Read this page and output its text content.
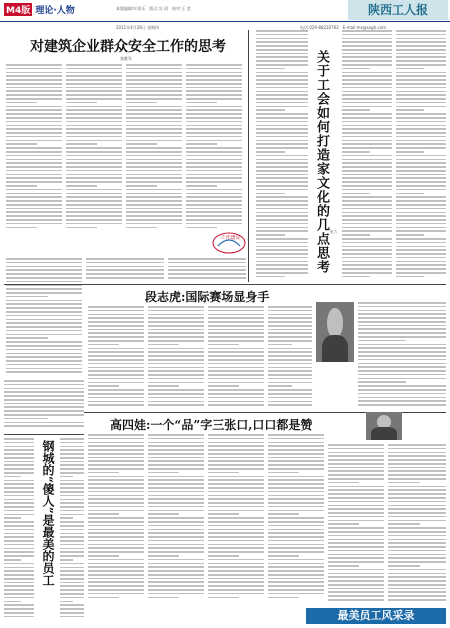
M4版 理论·人物	本版编辑:叶家乐　版式:吴 玥　校对:王 莹	陕西工人报
2011年4月28日 星期四	电话:029-88230762　E-mail:ms@sxgh.com
对建筑企业群众安全工作的思考
张维军
工作建议	关于工会如何打造家文化的几点思考 张力
段志虎:国际赛场显身手
高四娃:一个“品”字三张口,口口都是赞
钢城的“傻人”是最美的员工
最美员工风采录
